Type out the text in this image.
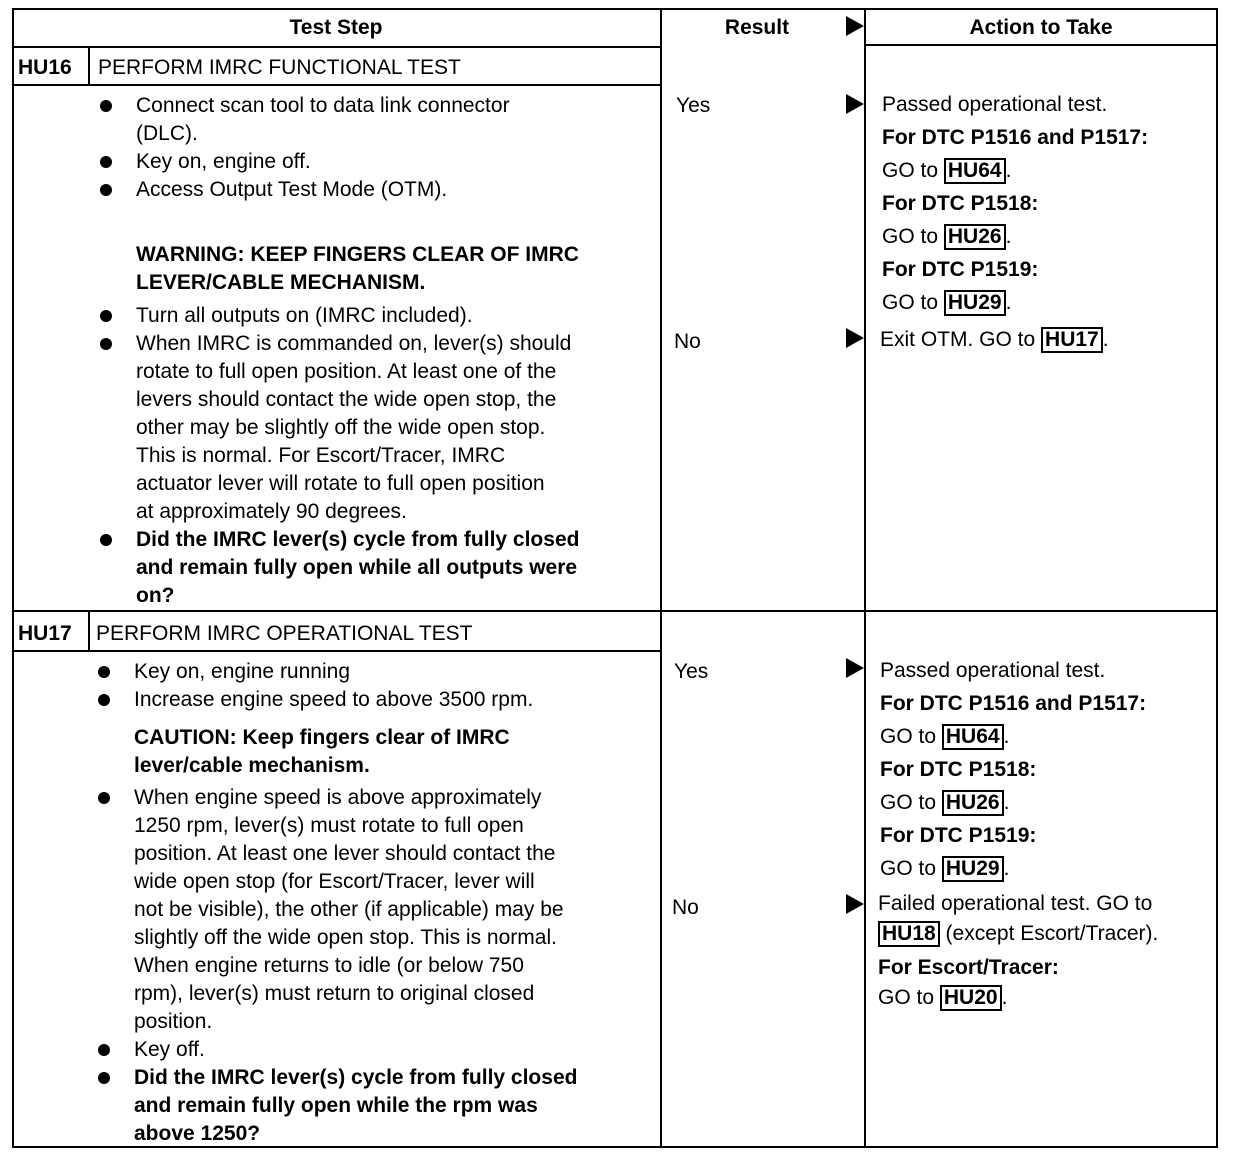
Test Step	Result	Action to Take
HU16 PERFORM IMRC FUNCTIONAL TEST
Connect scan tool to data link connector
(DLC).
Key on, engine off.
Access Output Test Mode (OTM).
WARNING: KEEP FINGERS CLEAR OF IMRC
LEVER/CABLE MECHANISM.
Turn all outputs on (IMRC included).
When IMRC is commanded on, lever(s) should
rotate to full open position. At least one of the
levers should contact the wide open stop, the
other may be slightly off the wide open stop.
This is normal. For Escort/Tracer, IMRC
actuator lever will rotate to full open position
at approximately 90 degrees.
Did the IMRC lever(s) cycle from fully closed
and remain fully open while all outputs were
on?
Yes
No
Passed operational test.
For DTC P1516 and P1517:
GO to HU64 .
For DTC P1518:
GO to HU26 .
For DTC P1519:
GO to HU29 .
Exit OTM. GO to HU17 .
HU17 PERFORM IMRC OPERATIONAL TEST
Key on, engine running
Increase engine speed to above 3500 rpm.
CAUTION: Keep fingers clear of IMRC
lever/cable mechanism.
When engine speed is above approximately
1250 rpm, lever(s) must rotate to full open
position. At least one lever should contact the
wide open stop (for Escort/Tracer, lever will
not be visible), the other (if applicable) may be
slightly off the wide open stop. This is normal.
When engine returns to idle (or below 750
rpm), lever(s) must return to original closed
position.
Key off.
Did the IMRC lever(s) cycle from fully closed
and remain fully open while the rpm was
above 1250?
Yes
No
Passed operational test.
For DTC P1516 and P1517:
GO to HU64 .
For DTC P1518:
GO to HU26 .
For DTC P1519:
GO to HU29 .
Failed operational test. GO to
HU18 (except Escort/Tracer).
For Escort/Tracer:
GO to HU20 .
